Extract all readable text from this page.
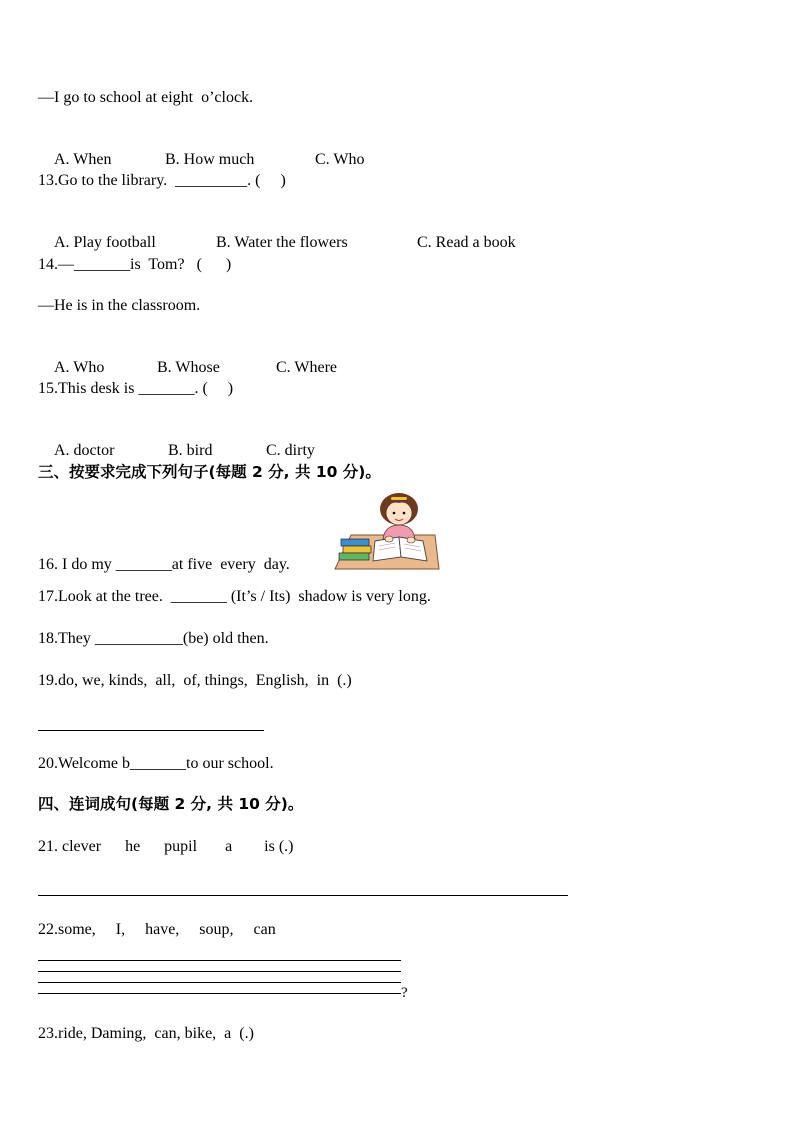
—I go to school at eight  o’clock.

A. When	B. How much	C. Who

13.Go to the library.  _________. (     )

A. Play football	B. Water the flowers	C. Read a book

14.—_______is  Tom?   (      )
—He is in the classroom.

A. Who	B. Whose	C. Where

15.This desk is _______. (     )

A. doctor	B. bird	C. dirty

三、按要求完成下列句子(每题 2 分, 共 10 分)。
16. I do my _______at five  every  day.
17.Look at the tree.  _______ (It’s / Its)  shadow is very long.
18.They ___________(be) old then.
19.do, we, kinds,  all,  of, things,  English,  in  (.)
20.Welcome b_______to our school.
四、连词成句(每题 2 分, 共 10 分)。
21. clever      he      pupil       a        is (.)
22.some,     I,     have,     soup,     can
?
23.ride, Daming,  can, bike,  a  (.)
